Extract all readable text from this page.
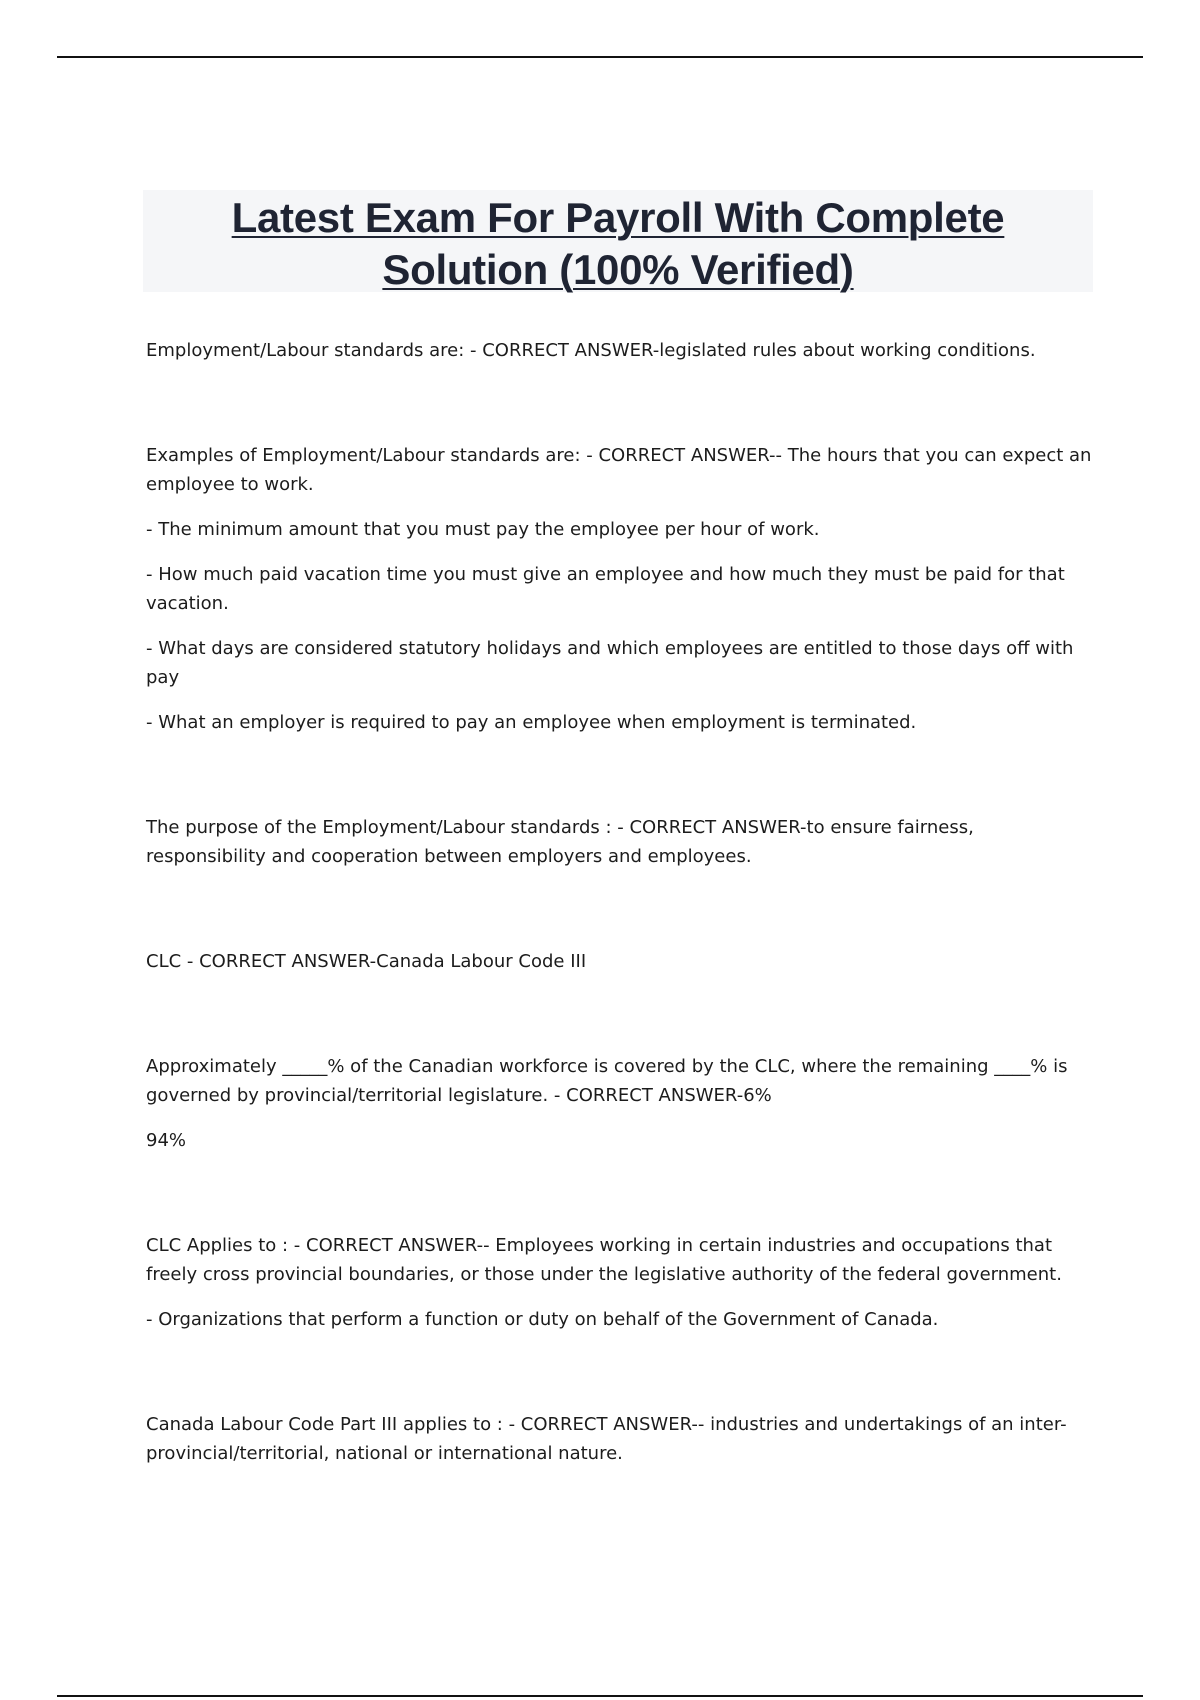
Latest Exam For Payroll With Complete
Solution (100% Verified)

Employment/Labour standards are: - CORRECT ANSWER-legislated rules about working conditions.

Examples of Employment/Labour standards are: - CORRECT ANSWER-- The hours that you can expect an employee to work.

- The minimum amount that you must pay the employee per hour of work.

- How much paid vacation time you must give an employee and how much they must be paid for that vacation.

- What days are considered statutory holidays and which employees are entitled to those days off with pay

- What an employer is required to pay an employee when employment is terminated.

The purpose of the Employment/Labour standards : - CORRECT ANSWER-to ensure fairness, responsibility and cooperation between employers and employees.

CLC - CORRECT ANSWER-Canada Labour Code III

Approximately _____% of the Canadian workforce is covered by the CLC, where the remaining ____% is governed by provincial/territorial legislature. - CORRECT ANSWER-6%

94%

CLC Applies to : - CORRECT ANSWER-- Employees working in certain industries and occupations that freely cross provincial boundaries, or those under the legislative authority of the federal government.

- Organizations that perform a function or duty on behalf of the Government of Canada.

Canada Labour Code Part III applies to : - CORRECT ANSWER-- industries and undertakings of an inter-provincial/territorial, national or international nature.
